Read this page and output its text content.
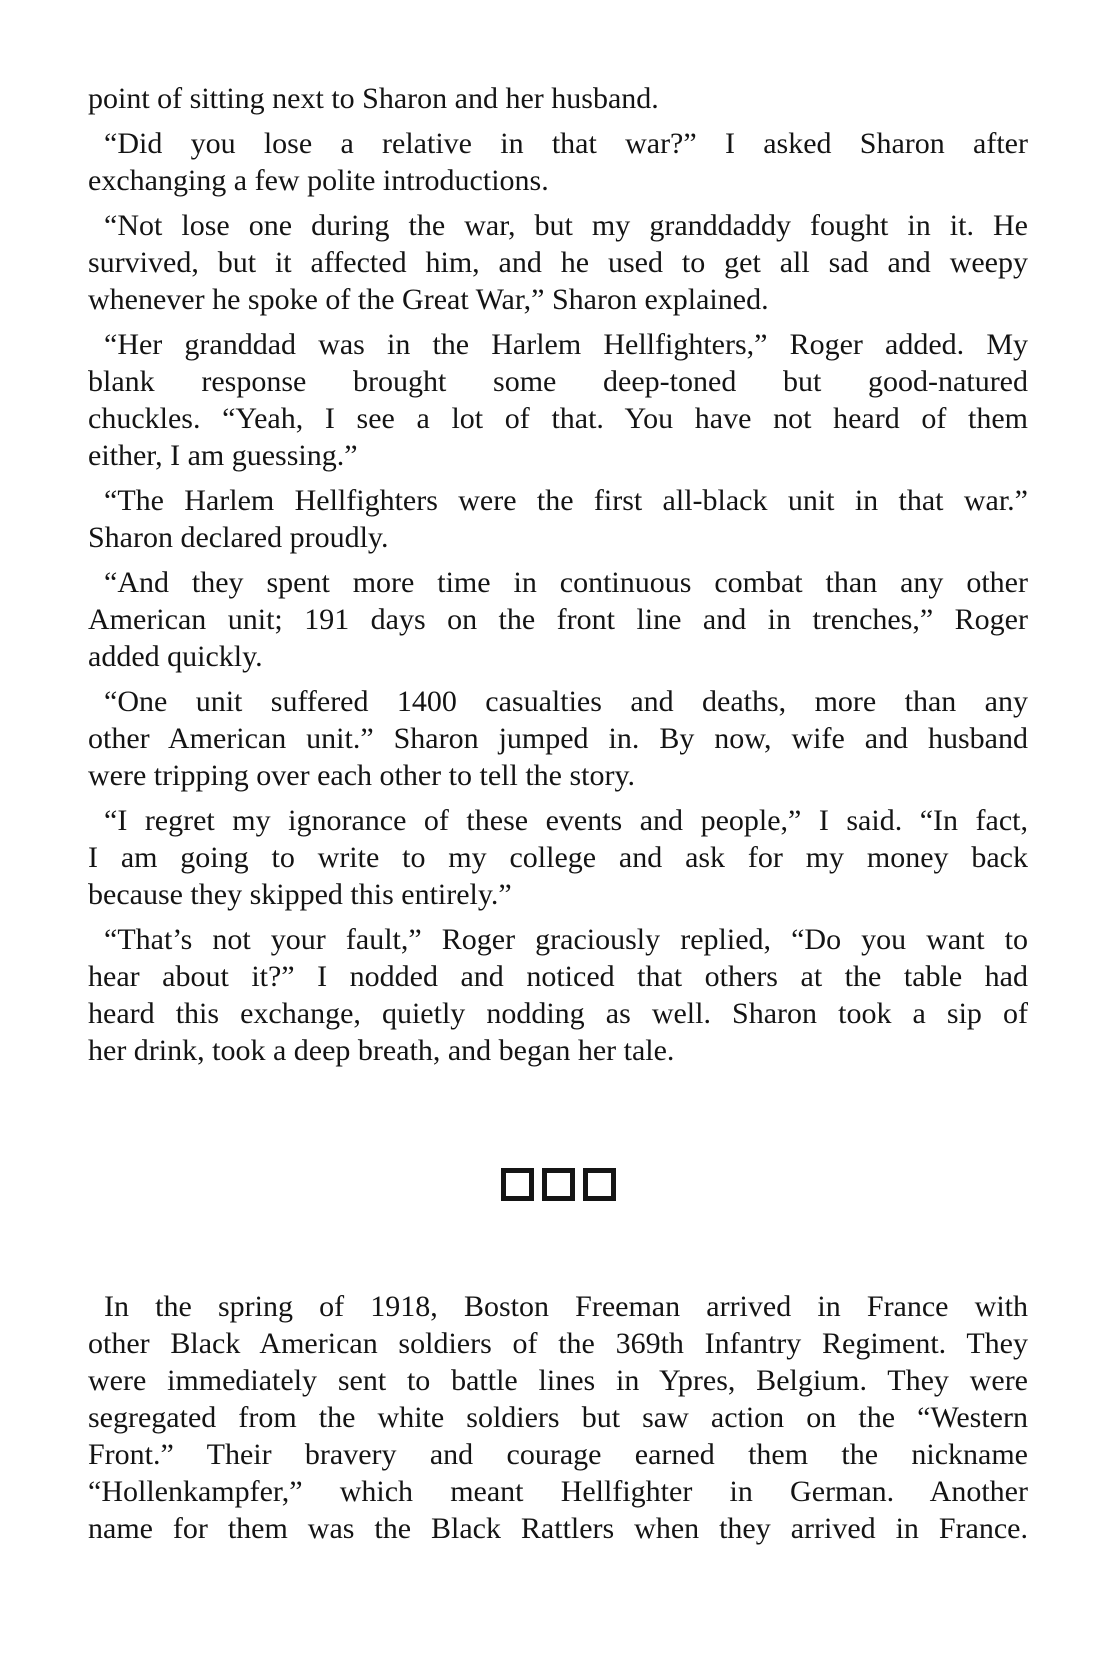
point of sitting next to Sharon and her husband.
“Did you lose a relative in that war?” I asked Sharon after
exchanging a few polite introductions.
“Not lose one during the war, but my granddaddy fought in it. He
survived, but it affected him, and he used to get all sad and weepy
whenever he spoke of the Great War,” Sharon explained.
“Her granddad was in the Harlem Hellfighters,” Roger added. My
blank response brought some deep-toned but good-natured
chuckles. “Yeah, I see a lot of that. You have not heard of them
either, I am guessing.”
“The Harlem Hellfighters were the first all-black unit in that war.”
Sharon declared proudly.
“And they spent more time in continuous combat than any other
American unit; 191 days on the front line and in trenches,” Roger
added quickly.
“One unit suffered 1400 casualties and deaths, more than any
other American unit.” Sharon jumped in. By now, wife and husband
were tripping over each other to tell the story.
“I regret my ignorance of these events and people,” I said. “In fact,
I am going to write to my college and ask for my money back
because they skipped this entirely.”
“That’s not your fault,” Roger graciously replied, “Do you want to
hear about it?” I nodded and noticed that others at the table had
heard this exchange, quietly nodding as well. Sharon took a sip of
her drink, took a deep breath, and began her tale.
In the spring of 1918, Boston Freeman arrived in France with
other Black American soldiers of the 369th Infantry Regiment. They
were immediately sent to battle lines in Ypres, Belgium. They were
segregated from the white soldiers but saw action on the “Western
Front.” Their bravery and courage earned them the nickname
“Hollenkampfer,” which meant Hellfighter in German. Another
name for them was the Black Rattlers when they arrived in France.
